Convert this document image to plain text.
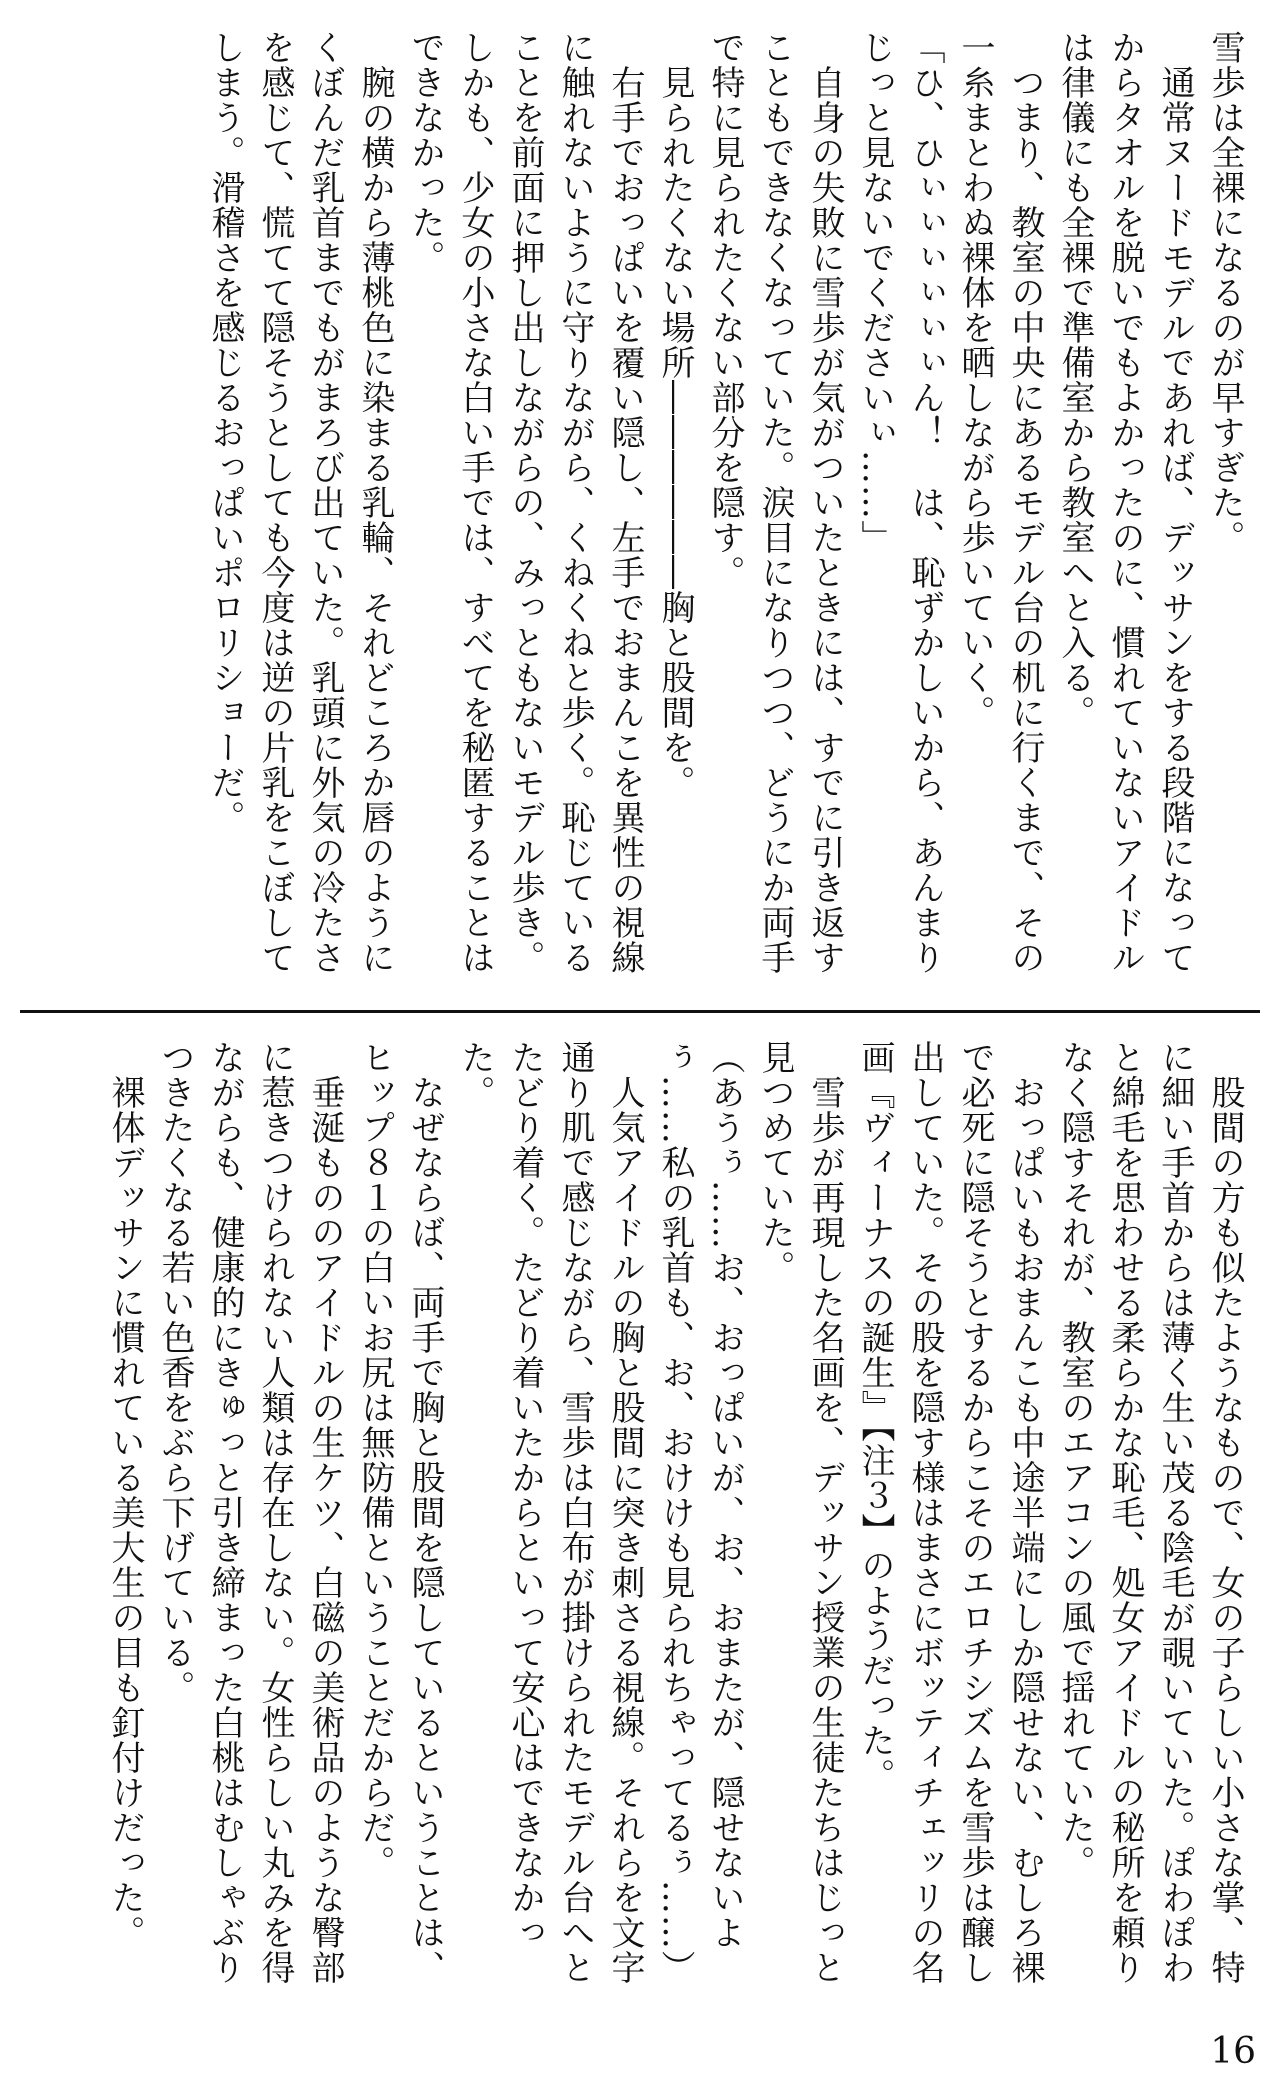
雪歩は全裸になるのが早すぎた。

　通常ヌードモデルであれば、デッサンをする段階になってからタオルを脱いでもよかったのに、慣れていないアイドルは律儀にも全裸で準備室から教室へと入る。

　つまり、教室の中央にあるモデル台の机に行くまで、その一糸まとわぬ裸体を晒しながら歩いていく。

「ひ、ひぃぃぃぃぃぃん！　は、恥ずかしいから、あんまりじっと見ないでくださいぃ……」

　自身の失敗に雪歩が気がついたときには、すでに引き返すこともできなくなっていた。涙目になりつつ、どうにか両手で特に見られたくない部分を隠す。

　見られたくない場所――――――胸と股間を。

　右手でおっぱいを覆い隠し、左手でおまんこを異性の視線に触れないように守りながら、くねくねと歩く。恥じていることを前面に押し出しながらの、みっともないモデル歩き。しかも、少女の小さな白い手では、すべてを秘匿することはできなかった。

　腕の横から薄桃色に染まる乳輪、それどころか唇のようにくぼんだ乳首までもがまろび出ていた。乳頭に外気の冷たさを感じて、慌てて隠そうとしても今度は逆の片乳をこぼしてしまう。滑稽さを感じるおっぱいポロリショーだ。

　股間の方も似たようなもので、女の子らしい小さな掌、特に細い手首からは薄く生い茂る陰毛が覗いていた。ぽわぽわと綿毛を思わせる柔らかな恥毛、処女アイドルの秘所を頼りなく隠すそれが、教室のエアコンの風で揺れていた。

　おっぱいもおまんこも中途半端にしか隠せない、むしろ裸で必死に隠そうとするからこそのエロチシズムを雪歩は醸し出していた。その股を隠す様はまさにボッティチェッリの名画『ヴィーナスの誕生』【注３】のようだった。

　雪歩が再現した名画を、デッサン授業の生徒たちはじっと見つめていた。

（あうぅ……お、おっぱいが、お、おまたが、隠せないよぅ……私の乳首も、お、おけけも見られちゃってるぅ……）

　人気アイドルの胸と股間に突き刺さる視線。それらを文字通り肌で感じながら、雪歩は白布が掛けられたモデル台へとたどり着く。たどり着いたからといって安心はできなかった。

　なぜならば、両手で胸と股間を隠しているということは、ヒップ８１の白いお尻は無防備ということだからだ。

　垂涎もののアイドルの生ケツ、白磁の美術品のような臀部に惹きつけられない人類は存在しない。女性らしい丸みを得ながらも、健康的にきゅっと引き締まった白桃はむしゃぶりつきたくなる若い色香をぶら下げている。

　裸体デッサンに慣れている美大生の目も釘付けだった。

16
